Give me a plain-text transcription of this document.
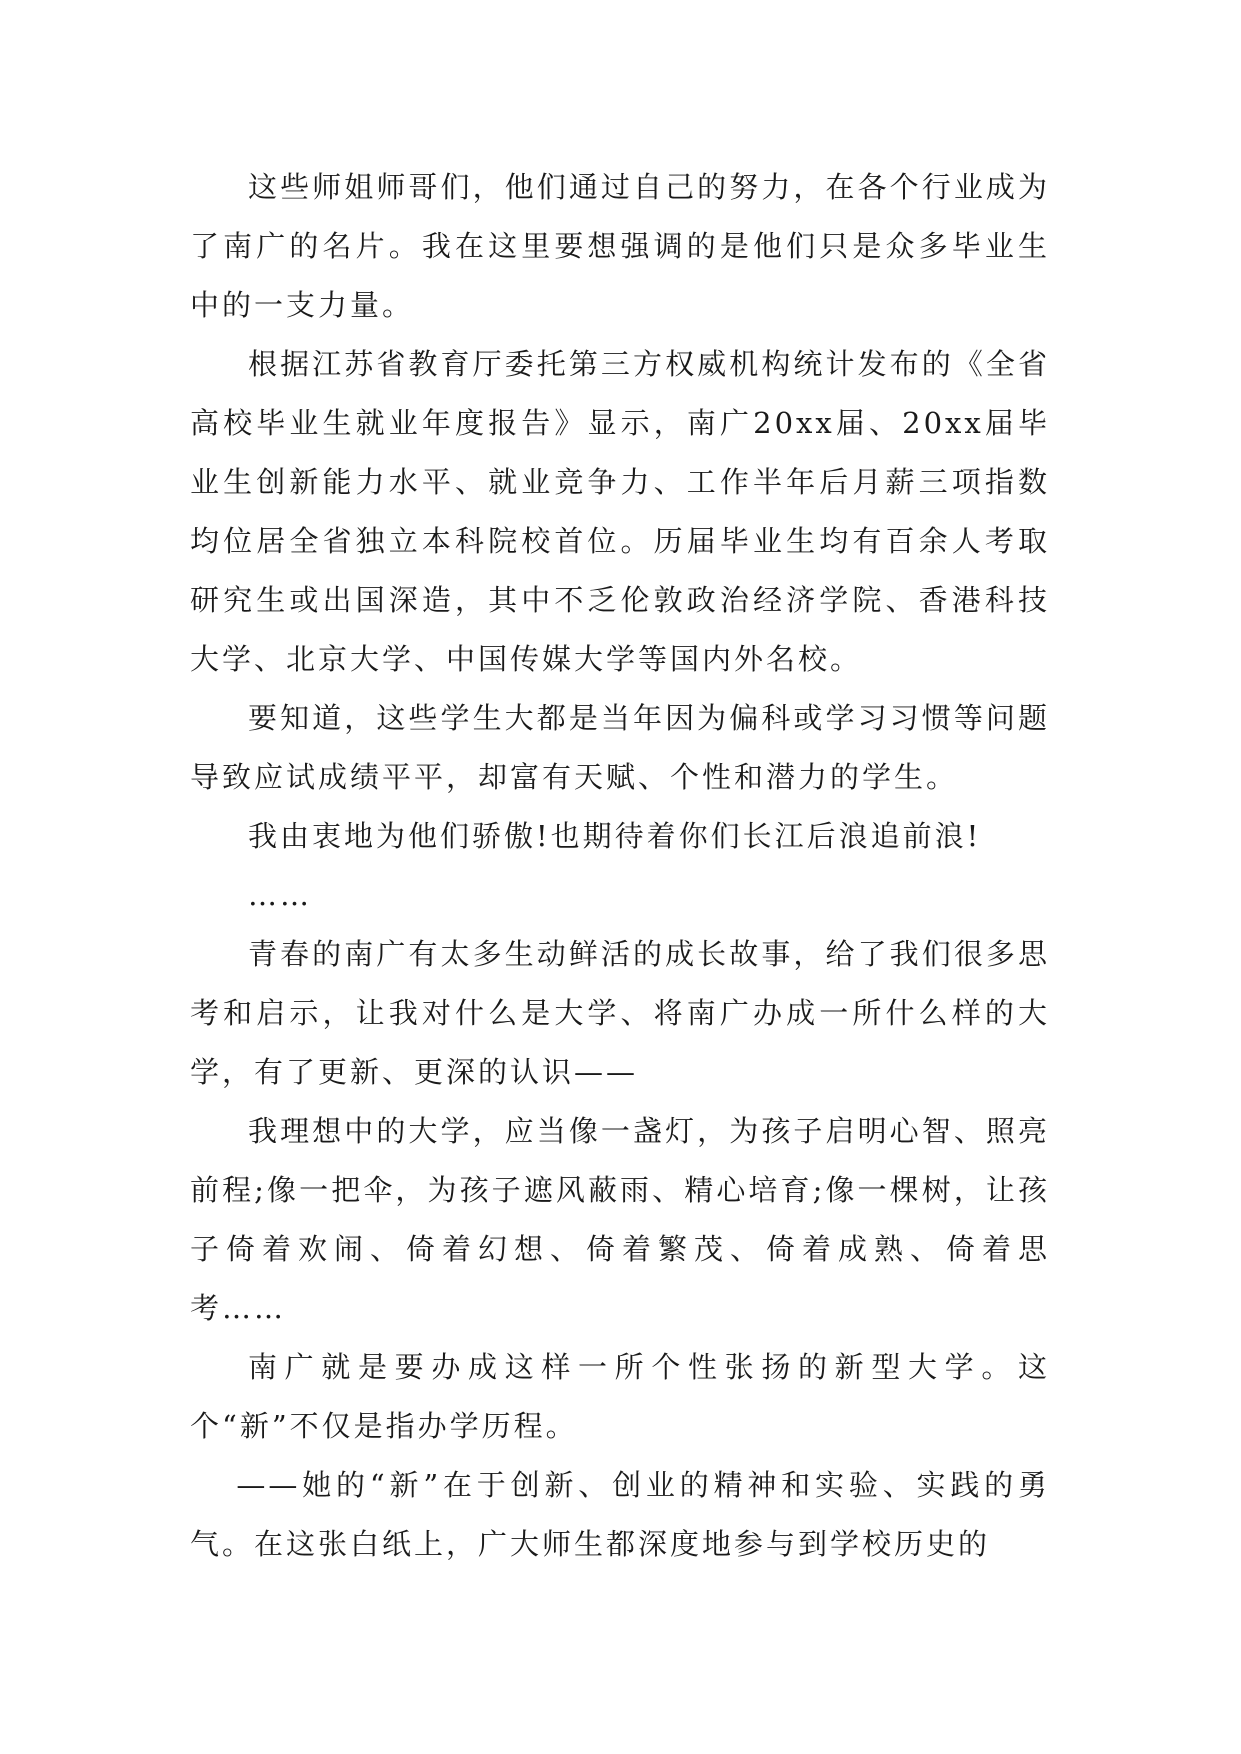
这些师姐师哥们，他们通过自己的努力，在各个行业成为了南广的名片。我在这里要想强调的是他们只是众多毕业生中的一支力量。

根据江苏省教育厅委托第三方权威机构统计发布的《全省高校毕业生就业年度报告》显示，南广20xx届、20xx届毕业生创新能力水平、就业竞争力、工作半年后月薪三项指数均位居全省独立本科院校首位。历届毕业生均有百余人考取研究生或出国深造，其中不乏伦敦政治经济学院、香港科技大学、北京大学、中国传媒大学等国内外名校。

要知道，这些学生大都是当年因为偏科或学习习惯等问题导致应试成绩平平，却富有天赋、个性和潜力的学生。

我由衷地为他们骄傲!也期待着你们长江后浪追前浪!

……

青春的南广有太多生动鲜活的成长故事，给了我们很多思考和启示，让我对什么是大学、将南广办成一所什么样的大学，有了更新、更深的认识——

我理想中的大学，应当像一盏灯，为孩子启明心智、照亮前程;像一把伞，为孩子遮风蔽雨、精心培育;像一棵树，让孩子倚着欢闹、倚着幻想、倚着繁茂、倚着成熟、倚着思考……

南广就是要办成这样一所个性张扬的新型大学。这个“新”不仅是指办学历程。

——她的“新”在于创新、创业的精神和实验、实践的勇气。在这张白纸上，广大师生都深度地参与到学校历史的
